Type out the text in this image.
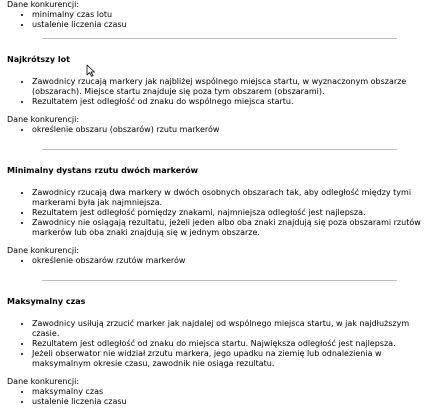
Dane konkurencji:

• minimalny czas lotu
• ustalenie liczenia czasu

Najkrótszy lot

• Zawodnicy rzucają markery jak najbliżej wspólnego miejsca startu, w wyznaczonym obszarze (obszarach). Miejsce startu znajduje się poza tym obszarem (obszarami).
• Rezultatem jest odległość od znaku do wspólnego miejsca startu.

Dane konkurencji:

• określenie obszaru (obszarów) rzutu markerów

Minimalny dystans rzutu dwóch markerów

• Zawodnicy rzucają dwa markery w dwóch osobnych obszarach tak, aby odległość między tymi markerami była jak najmniejsza.
• Rezultatem jest odległość pomiędzy znakami, najmniejsza odległość jest najlepsza.
• Zawodnicy nie osiągają rezultatu, jeżeli jeden albo oba znaki znajdują się poza obszarami rzutów markerów lub oba znaki znajdują się w jednym obszarze.

Dane konkurencji:

• określenie obszarów rzutów markerów

Maksymalny czas

• Zawodnicy usiłują zrzucić marker jak najdalej od wspólnego miejsca startu, w jak najdłuższym czasie.
• Rezultatem jest odległość od znaku do miejsca startu. Największa odległość jest najlepsza.
• Jeżeli obserwator nie widział zrzutu markera, jego upadku na ziemię lub odnalezienia w maksymalnym okresie czasu, zawodnik nie osiąga rezultatu.

Dane konkurencji:

• maksymalny czas
• ustalenie liczenia czasu
